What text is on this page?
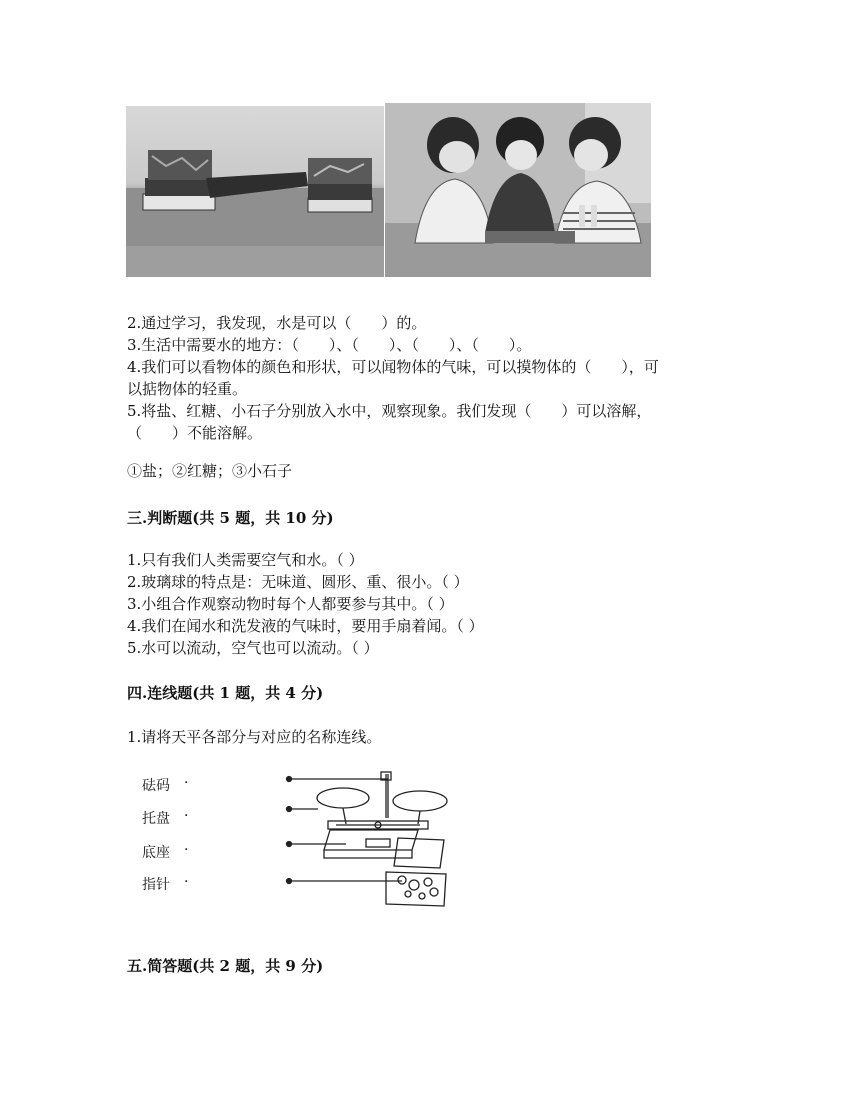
2.通过学习，我发现，水是可以（　　）的。
3.生活中需要水的地方：（　　）、（　　）、（　　）、（　　）。
4.我们可以看物体的颜色和形状，可以闻物体的气味，可以摸物体的（　　），可
以掂物体的轻重。
5.将盐、红糖、小石子分别放入水中，观察现象。我们发现（　　）可以溶解，
（　　）不能溶解。
①盐；②红糖；③小石子
三.判断题(共 5 题，共 10 分)
1.只有我们人类需要空气和水。（ ）
2.玻璃球的特点是：无味道、圆形、重、很小。（ ）
3.小组合作观察动物时每个人都要参与其中。（ ）
4.我们在闻水和洗发液的气味时，要用手扇着闻。（ ）
5.水可以流动，空气也可以流动。（ ）
四.连线题(共 1 题，共 4 分)
1.请将天平各部分与对应的名称连线。
砝码
托盘
底座
指针
·
·
·
·
五.简答题(共 2 题，共 9 分)
